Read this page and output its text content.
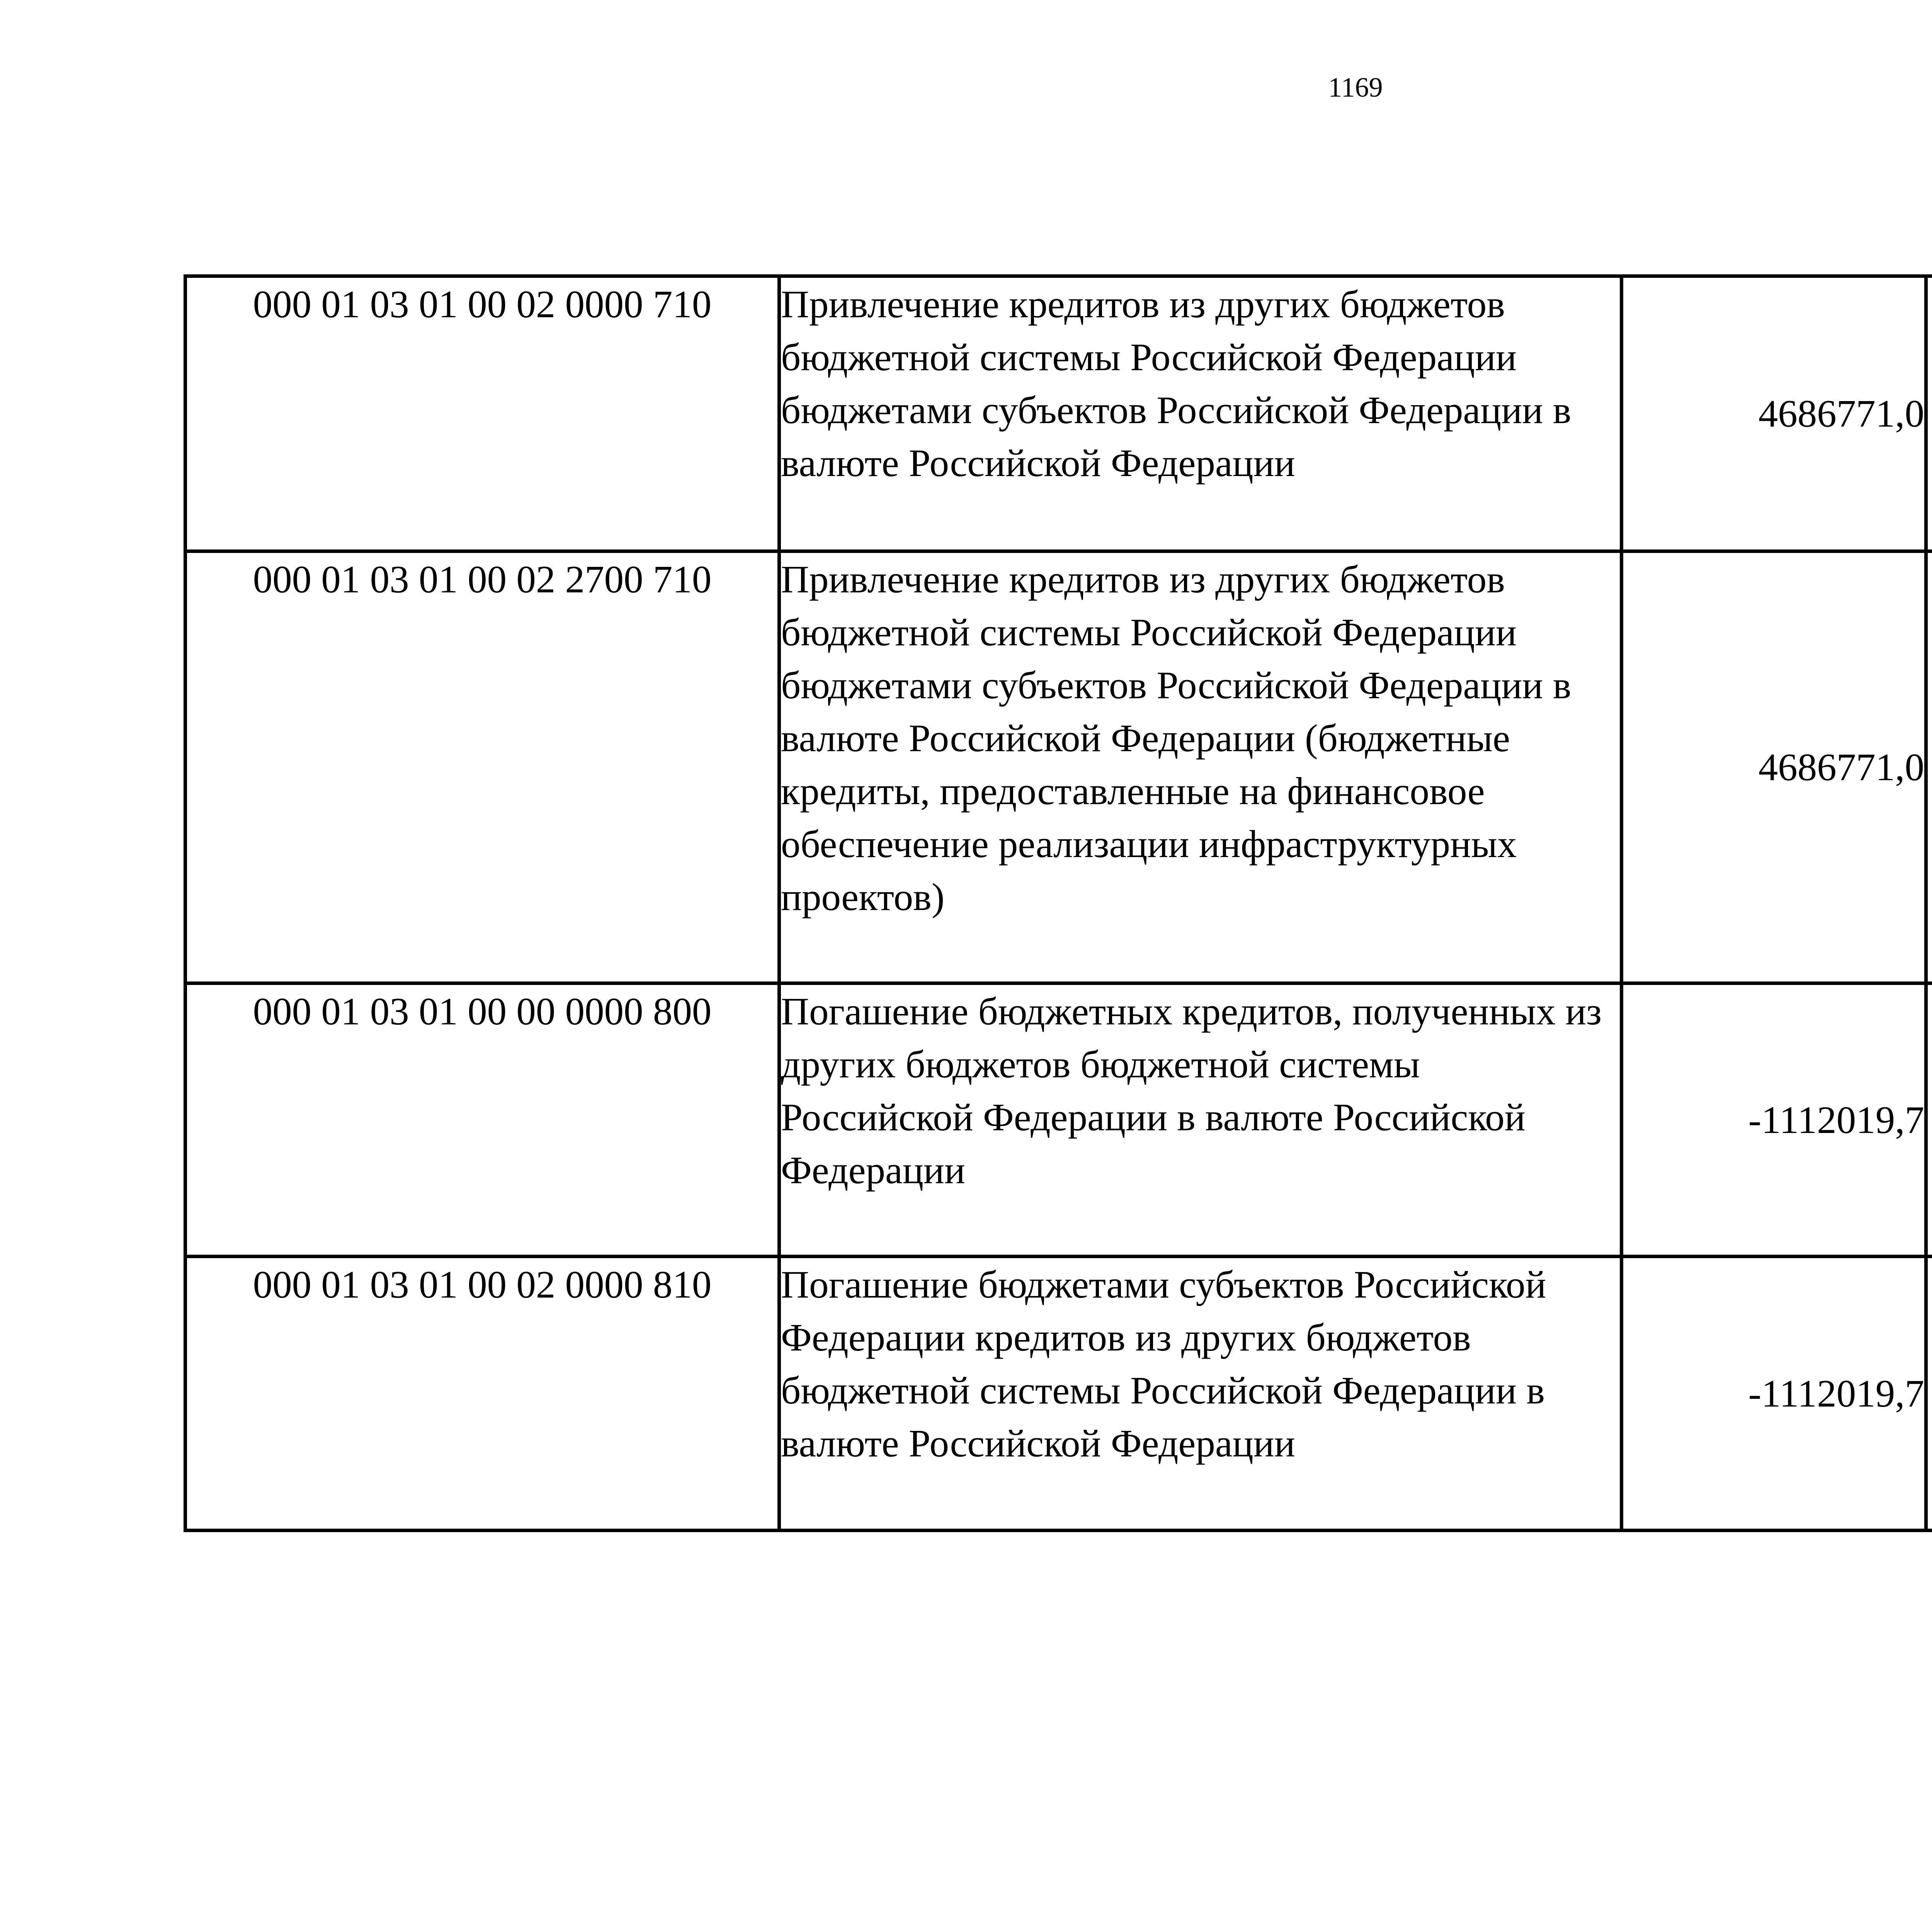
1169
000 01 03 01 00 02 0000 710	Привлечение кредитов из других бюджетов бюджетной системы Российской Федерации бюджетами субъектов Российской Федерации в валюте Российской Федерации	4686771,0		
000 01 03 01 00 02 2700 710	Привлечение кредитов из других бюджетов бюджетной системы Российской Федерации бюджетами субъектов Российской Федерации в валюте Российской Федерации (бюджетные кредиты, предоставленные на финансовое обеспечение реализации инфраструктурных проектов)	4686771,0		
000 01 03 01 00 00 0000 800	Погашение бюджетных кредитов, полученных из других бюджетов бюджетной системы Российской Федерации в валюте Российской Федерации	-1112019,7		
000 01 03 01 00 02 0000 810	Погашение бюджетами субъектов Российской Федерации кредитов из других бюджетов бюджетной системы Российской Федерации в валюте Российской Федерации	-1112019,7		
